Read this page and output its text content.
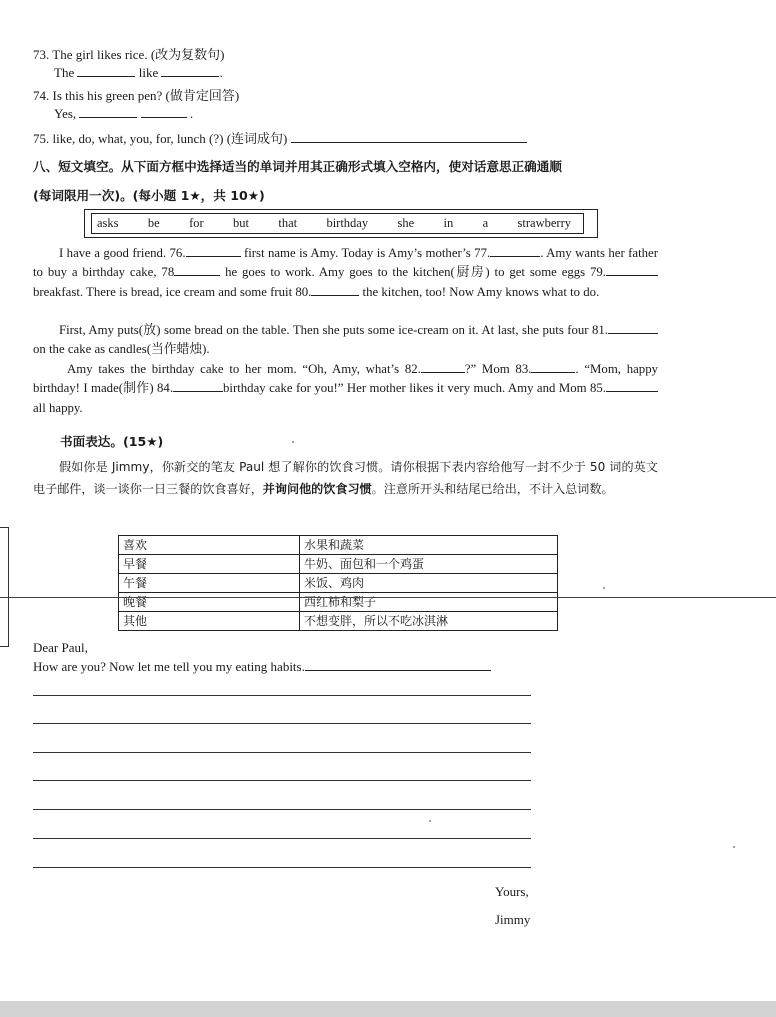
73. The girl likes rice. (改为复数句)
The	like	.
74. Is this his green pen? (做肯定回答)
Yes,	.
75. like, do, what, you, for, lunch (?) (连词成句)
八、短文填空。从下面方框中选择适当的单词并用其正确形式填入空格内，使对话意思正确通顺
(每词限用一次)。(每小题 1★，共 10★)
asks be for but that birthday she in a strawberry
I have a good friend. 76.	first name is Amy. Today is Amy’s mother’s 77.	. Amy wants her father to buy a birthday cake, 78	he goes to work. Amy goes to the kitchen(厨房) to get some eggs 79. breakfast. There is bread, ice cream and some fruit 80.	the kitchen, too! Now Amy knows what to do.
First, Amy puts(放) some bread on the table. Then she puts some ice-cream on it. At last, she puts four 81. on the cake as candles(当作蜡烛).
Amy takes the birthday cake to her mom. “Oh, Amy, what’s 82.	?” Mom 83.	. “Mom, happy birthday! I made(制作) 84.	birthday cake for you!” Her mother likes it very much. Amy and Mom 85. all happy.
书面表达。(15★)
假如你是 Jimmy，你新交的笔友 Paul 想了解你的饮食习惯。请你根据下表内容给他写一封不少于 50 词的英文电子邮件，谈一谈你一日三餐的饮食喜好，并询问他的饮食习惯。注意所开头和结尾已给出，不计入总词数。
喜欢	水果和蔬菜
早餐	牛奶、面包和一个鸡蛋
午餐	米饭、鸡肉
晚餐	西红柿和梨子
其他	不想变胖，所以不吃冰淇淋
Dear Paul,
How are you? Now let me tell you my eating habits.
Yours,
Jimmy
